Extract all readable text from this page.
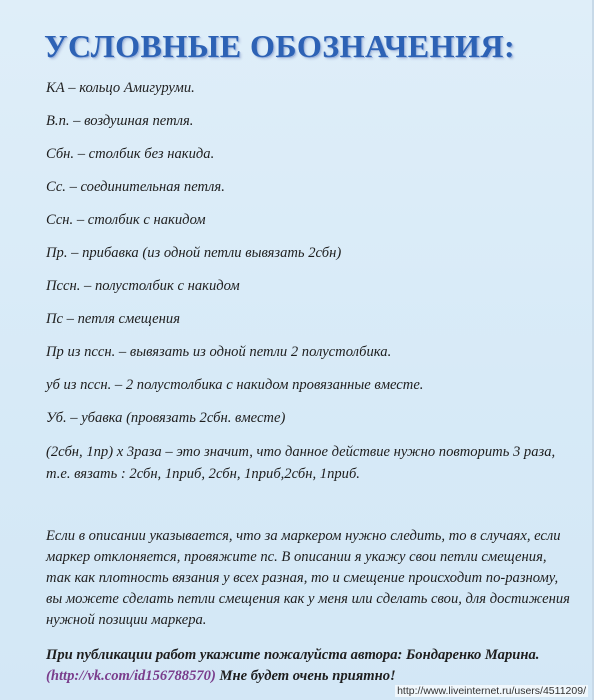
УСЛОВНЫЕ ОБОЗНАЧЕНИЯ:
КА – кольцо Амигуруми.
В.п. – воздушная петля.
Сбн. – столбик без накида.
Сс. – соединительная петля.
Ссн. – столбик с накидом
Пр. – прибавка (из одной петли вывязать 2сбн)
Пссн. – полустолбик с накидом
Пс – петля смещения
Пр из пссн. – вывязать из одной петли 2 полустолбика.
уб из пссн. – 2 полустолбика с накидом провязанные вместе.
Уб. – убавка (провязать 2сбн. вместе)
(2сбн, 1пр) х 3раза – это значит, что данное действие нужно повторить 3 раза, т.е. вязать : 2сбн, 1приб, 2сбн, 1приб,2сбн, 1приб.

Если в описании указывается, что за маркером нужно следить, то в случаях, если маркер отклоняется, провяжите пс. В описании я укажу свои петли смещения, так как плотность вязания у всех разная, то и смещение происходит по-разному, вы можете сделать петли смещения как у меня или сделать свои, для достижения нужной позиции маркера.

При публикации работ укажите пожалуйста автора: Бондаренко Марина. (http://vk.com/id156788570) Мне будет очень приятно!

http://www.liveinternet.ru/users/4511209/
